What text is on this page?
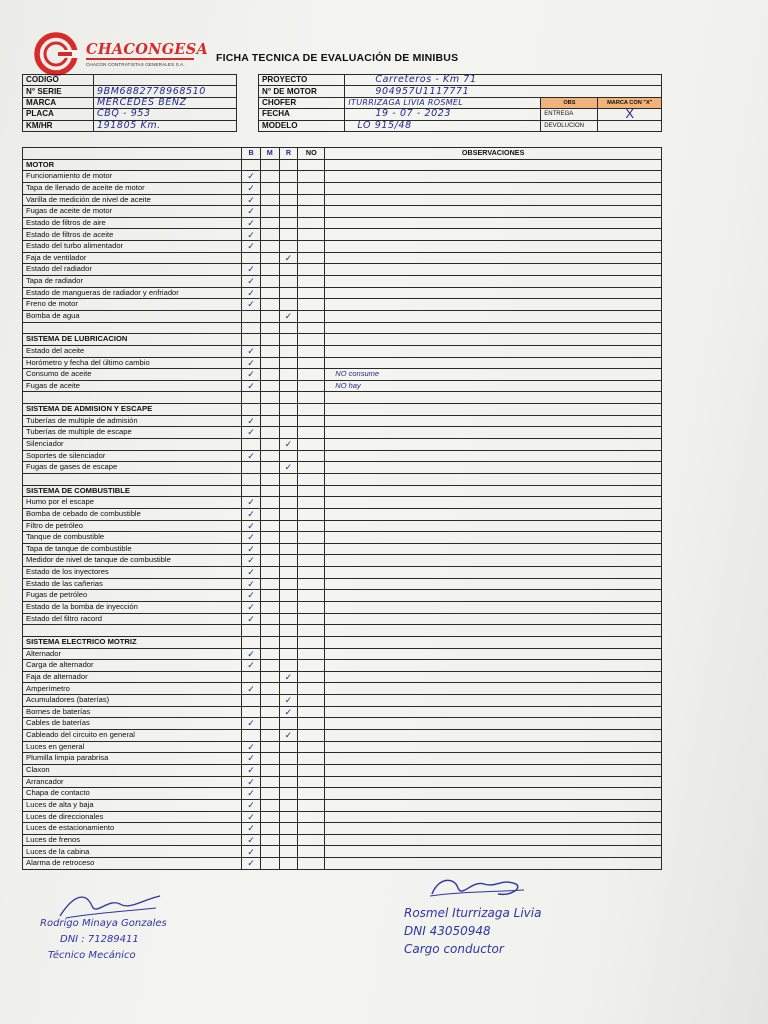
CHACONGESA
CHACON CONTRATISTAS GENERALES S.A.
FICHA TECNICA DE EVALUACIÓN DE MINIBUS
CODIGO	
N° SERIE	9BM6882778968510
MARCA	MERCEDES BENZ
PLACA	CBQ - 953
KM/HR	191805 Km.
PROYECTO	Carreteros - Km 71		
N° DE MOTOR	904957U1117771		
CHOFER	ITURRIZAGA LIVIA ROSMEL	OBS	MARCA CON "X"
FECHA	19 - 07 - 2023	ENTREGA	X
MODELO	LO 915/48	DEVOLUCION	
	B	M	R	NO	OBSERVACIONES
MOTOR					
Funcionamiento de motor	✓				
Tapa de llenado de aceite de motor	✓				
Varilla de medición de nivel de aceite	✓				
Fugas de aceite de motor	✓				
Estado de filtros de aire	✓				
Estado de filtros de aceite	✓				
Estado del turbo alimentador	✓				
Faja de ventilador			✓		
Estado del radiador	✓				
Tapa de radiador	✓				
Estado de mangueras de radiador y enfriador	✓				
Freno de motor	✓				
Bomba de agua			✓		

SISTEMA DE LUBRICACION					
Estado del aceite	✓				
Horómetro y fecha del último cambio	✓				
Consumo de aceite	✓				NO consume
Fugas de aceite	✓				NO hay

SISTEMA DE ADMISION Y ESCAPE					
Tuberías de multiple de admisión	✓				
Tuberías de multiple de escape	✓				
Silenciador			✓		
Soportes de silenciador	✓				
Fugas de gases de escape			✓		

SISTEMA DE COMBUSTIBLE					
Humo por el escape	✓				
Bomba de cebado de combustible	✓				
Filtro de petróleo	✓				
Tanque de combustible	✓				
Tapa de tanque de combustible	✓				
Medidor de nivel de tanque de combustible	✓				
Estado de los inyectores	✓				
Estado de las cañerias	✓				
Fugas de petróleo	✓				
Estado de la bomba de inyección	✓				
Estado del filtro racord	✓				

SISTEMA ELECTRICO MOTRIZ					
Alternador	✓				
Carga de alternador	✓				
Faja de alternador			✓		
Amperímetro	✓				
Acumuladores (baterías)			✓		
Bornes de baterías			✓		
Cables de baterías	✓				
Cableado del circuito en general			✓		
Luces en general	✓				
Plumilla limpia parabrisa	✓				
Claxon	✓				
Arrancador	✓				
Chapa de contacto	✓				
Luces de alta y baja	✓				
Luces de direccionales	✓				
Luces de estacionamiento	✓				
Luces de frenos	✓				
Luces de la cabina	✓				
Alarma de retroceso	✓				
Rodrigo Minaya Gonzales
DNI : 71289411
Técnico Mecánico
Rosmel Iturrizaga Livia
DNI 43050948
Cargo conductor
